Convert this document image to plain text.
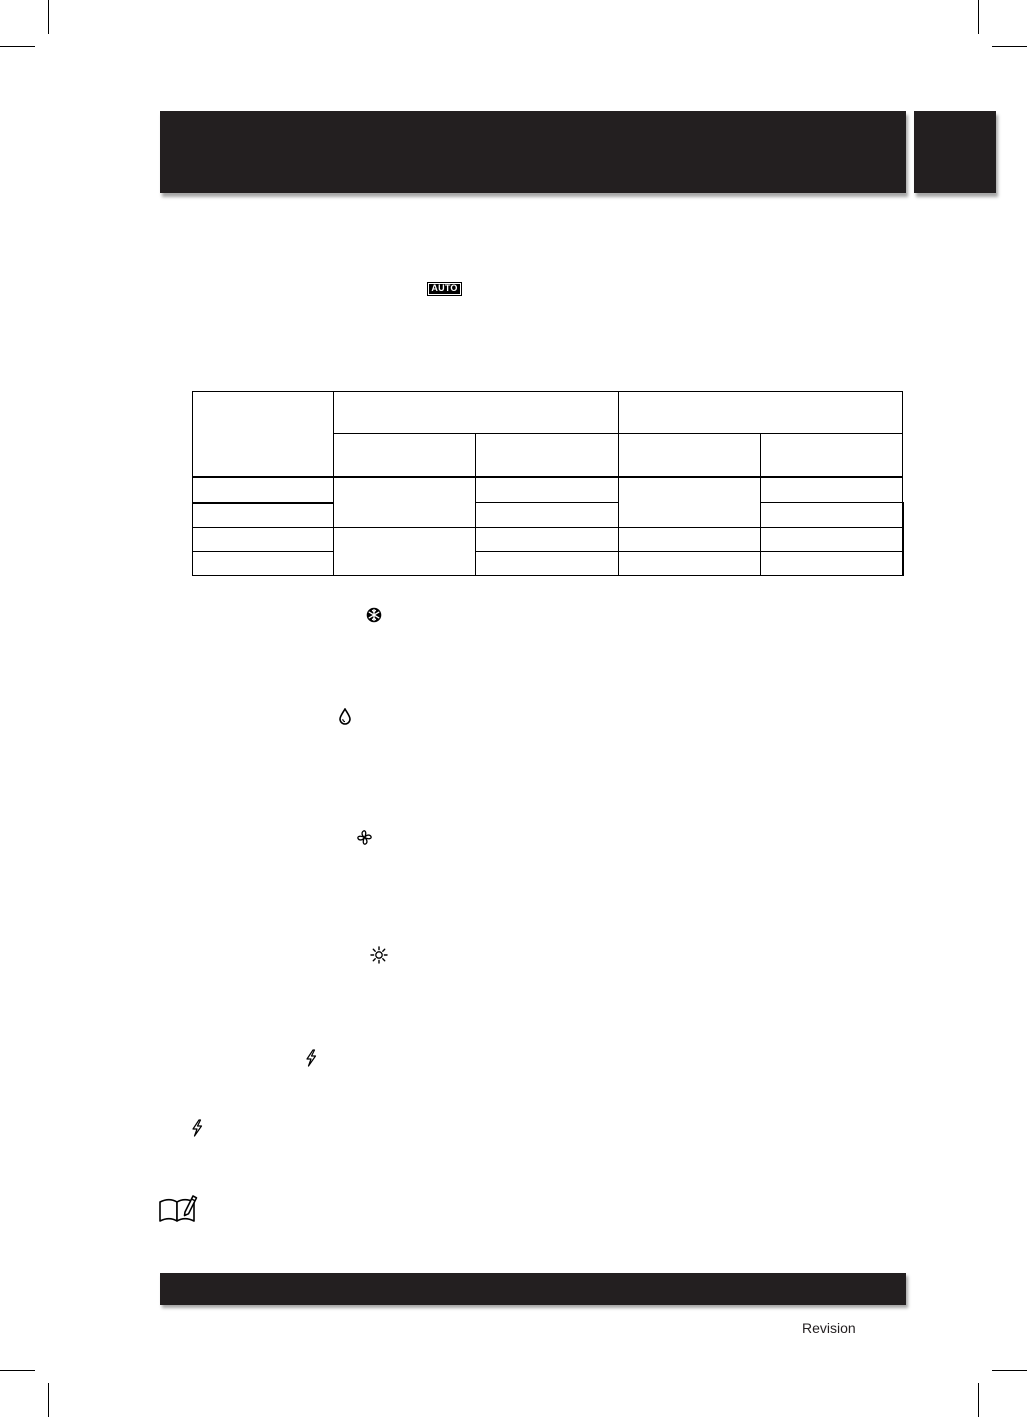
AUTO

Revision
